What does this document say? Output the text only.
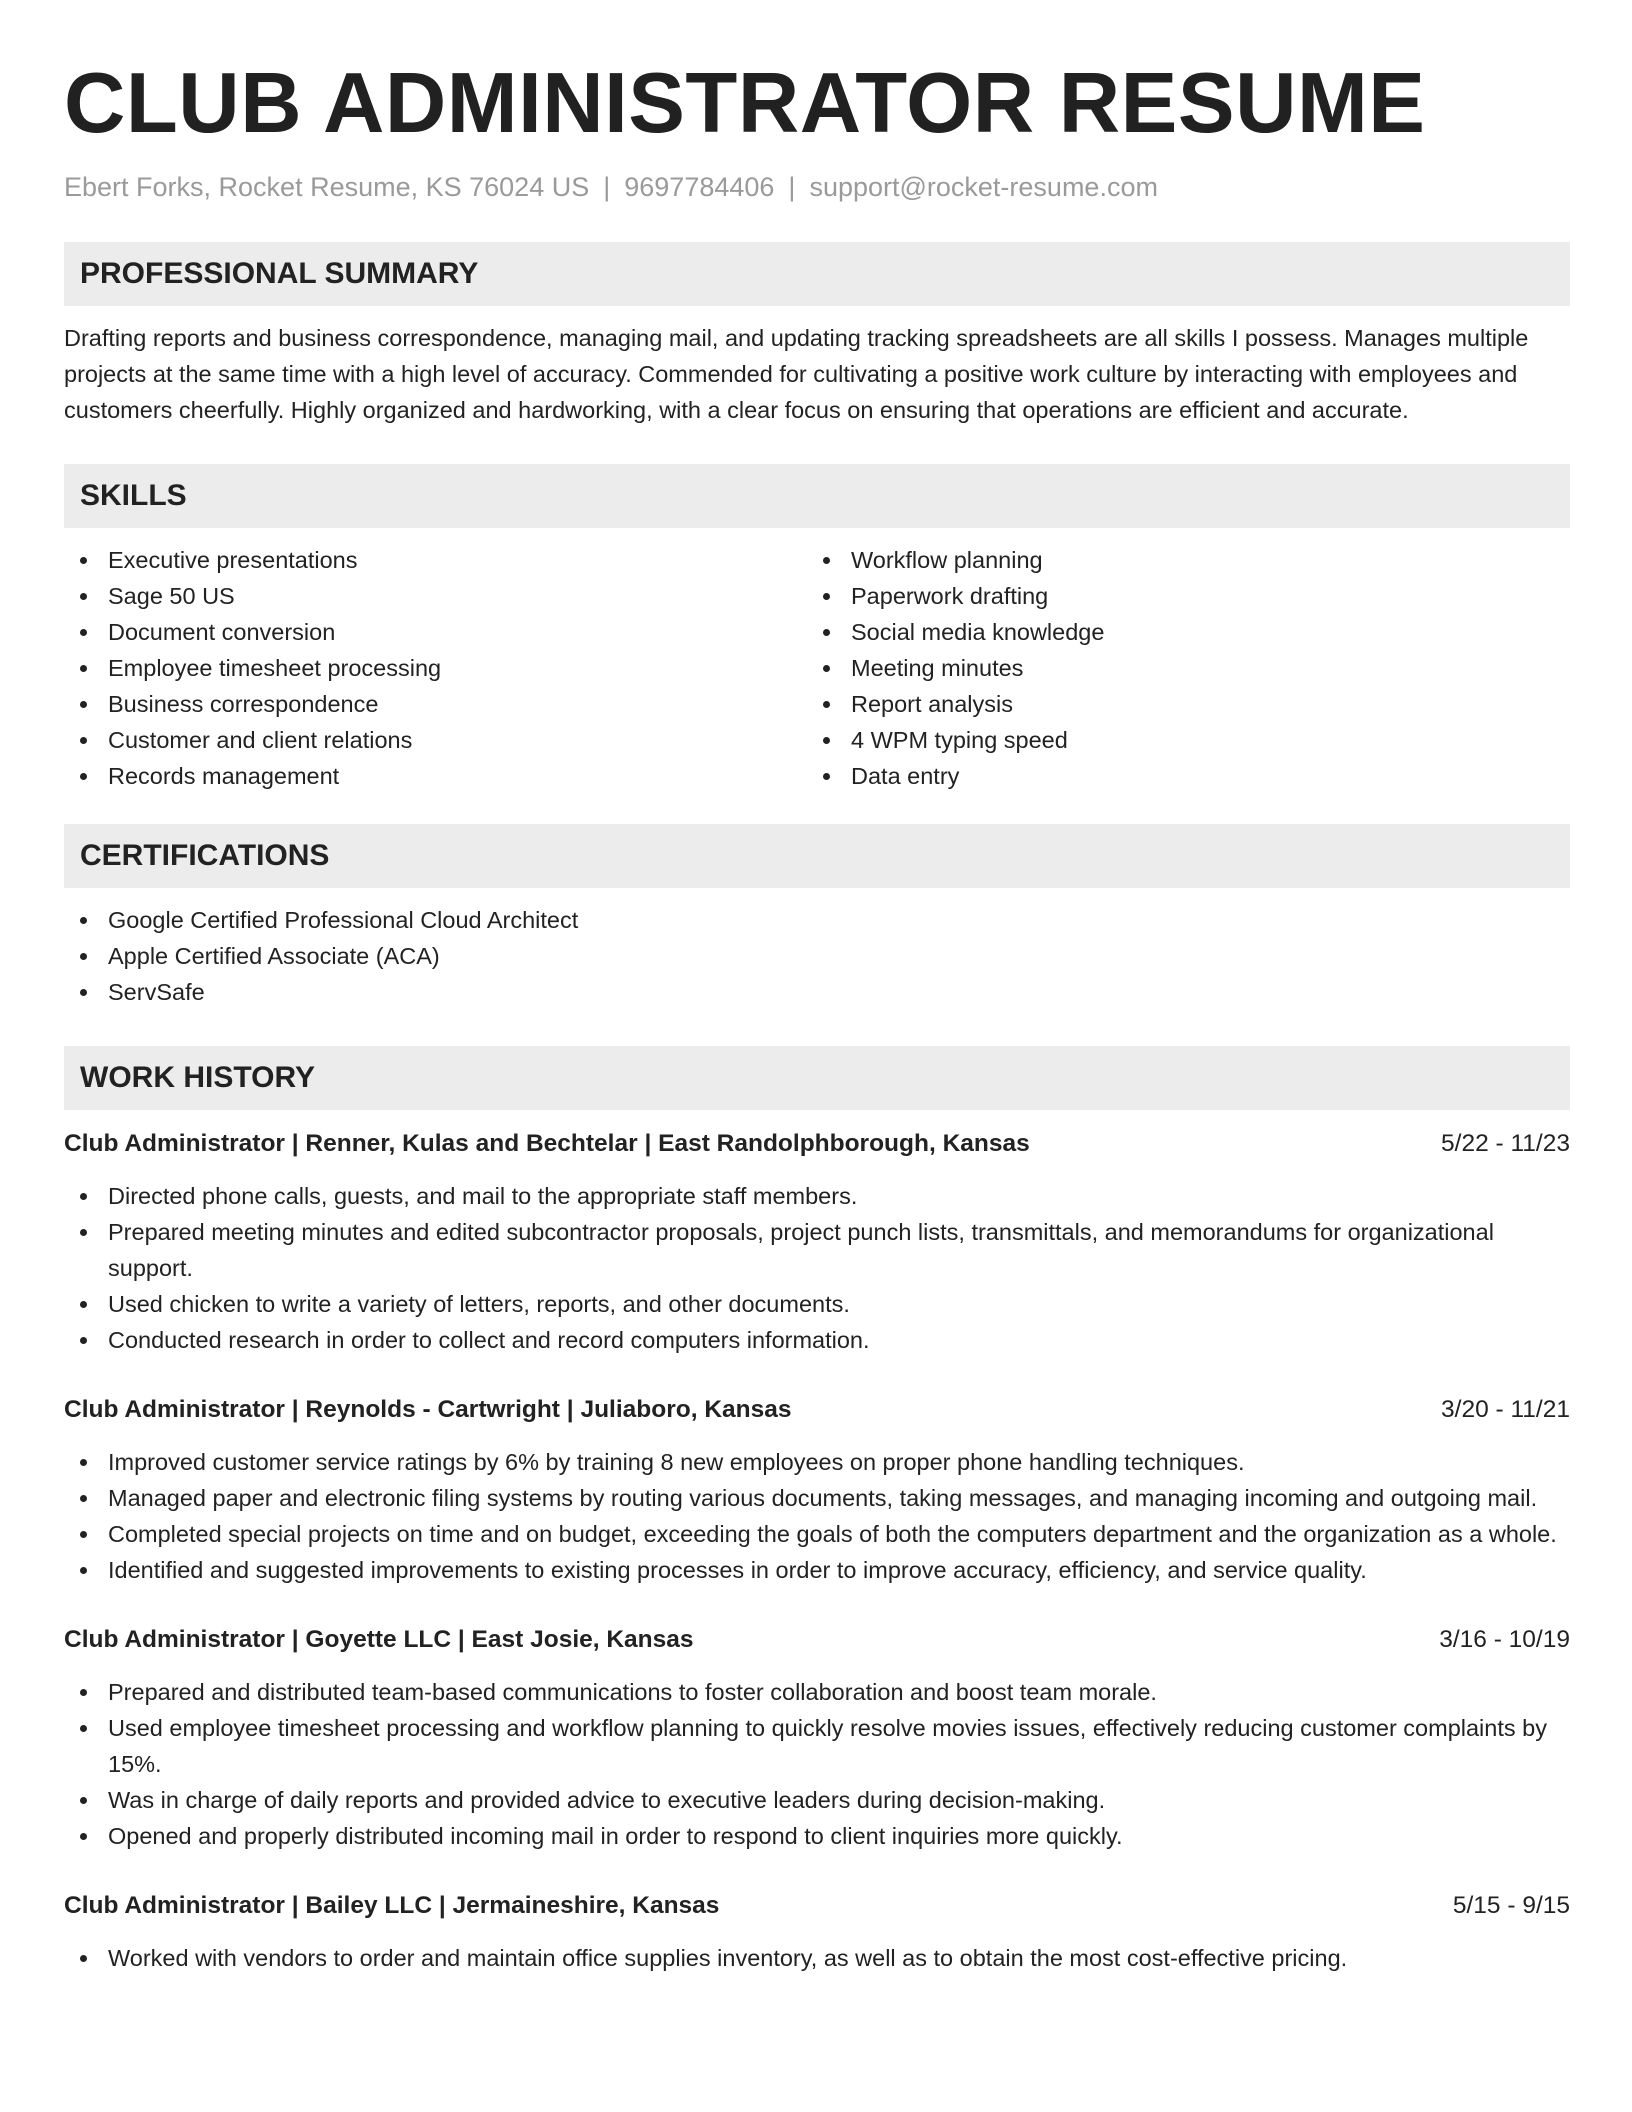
CLUB ADMINISTRATOR RESUME
Ebert Forks, Rocket Resume, KS 76024 US | 9697784406 | support@rocket-resume.com
PROFESSIONAL SUMMARY

Drafting reports and business correspondence, managing mail, and updating tracking spreadsheets are all skills I possess. Manages multiple projects at the same time with a high level of accuracy. Commended for cultivating a positive work culture by interacting with employees and customers cheerfully. Highly organized and hardworking, with a clear focus on ensuring that operations are efficient and accurate.

SKILLS
Executive presentations
Sage 50 US
Document conversion
Employee timesheet processing
Business correspondence
Customer and client relations
Records management
Workflow planning
Paperwork drafting
Social media knowledge
Meeting minutes
Report analysis
4 WPM typing speed
Data entry
CERTIFICATIONS
Google Certified Professional Cloud Architect
Apple Certified Associate (ACA)
ServSafe
WORK HISTORY
Club Administrator | Renner, Kulas and Bechtelar | East Randolphborough, Kansas	5/22 - 11/23
Directed phone calls, guests, and mail to the appropriate staff members.
Prepared meeting minutes and edited subcontractor proposals, project punch lists, transmittals, and memorandums for organizational support.
Used chicken to write a variety of letters, reports, and other documents.
Conducted research in order to collect and record computers information.
Club Administrator | Reynolds - Cartwright | Juliaboro, Kansas	3/20 - 11/21
Improved customer service ratings by 6% by training 8 new employees on proper phone handling techniques.
Managed paper and electronic filing systems by routing various documents, taking messages, and managing incoming and outgoing mail.
Completed special projects on time and on budget, exceeding the goals of both the computers department and the organization as a whole.
Identified and suggested improvements to existing processes in order to improve accuracy, efficiency, and service quality.
Club Administrator | Goyette LLC | East Josie, Kansas	3/16 - 10/19
Prepared and distributed team-based communications to foster collaboration and boost team morale.
Used employee timesheet processing and workflow planning to quickly resolve movies issues, effectively reducing customer complaints by 15%.
Was in charge of daily reports and provided advice to executive leaders during decision-making.
Opened and properly distributed incoming mail in order to respond to client inquiries more quickly.
Club Administrator | Bailey LLC | Jermaineshire, Kansas	5/15 - 9/15
Worked with vendors to order and maintain office supplies inventory, as well as to obtain the most cost-effective pricing.
